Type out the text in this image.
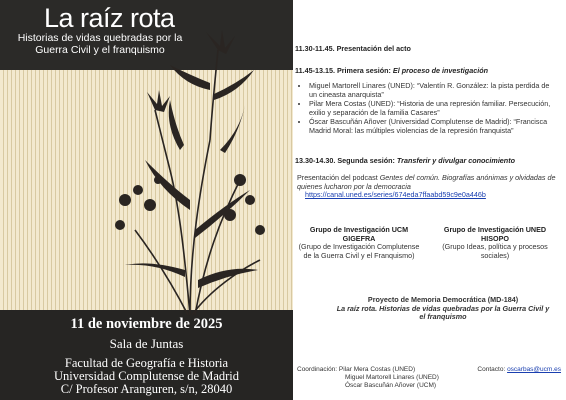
La raíz rota
Historias de vidas quebradas por la Guerra Civil y el franquismo
11 de noviembre de 2025
Sala de Juntas
Facultad de Geografía e Historia
Universidad Complutense de Madrid
C/ Profesor Aranguren, s/n, 28040
11.30-11.45. Presentación del acto
11.45-13.15. Primera sesión: El proceso de investigación
• Miguel Martorell Linares (UNED): “Valentín R. González: la pista perdida de un cineasta anarquista”
• Pilar Mera Costas (UNED): “Historia de una represión familiar. Persecución, exilio y separación de la familia Casares”
• Óscar Bascuñán Añover (Universidad Complutense de Madrid): “Francisca Madrid Moral: las múltiples violencias de la represión franquista”
13.30-14.30. Segunda sesión: Transferir y divulgar conocimiento
Presentación del podcast Gentes del común. Biografías anónimas y olvidadas de quienes lucharon por la democracia
https://canal.uned.es/series/674eda7ffaabd59c9e0a446b
Grupo de Investigación UCM GIGEFRA
(Grupo de Investigación Complutense de la Guerra Civil y el Franquismo)
Grupo de Investigación UNED HISOPO
(Grupo Ideas, política y procesos sociales)
Proyecto de Memoria Democrática (MD-184)
La raíz rota. Historias de vidas quebradas por la Guerra Civil y el franquismo
Coordinación: Pilar Mera Costas (UNED)	Contacto: oscarbas@ucm.es
Miguel Martorell Linares (UNED)
Óscar Bascuñán Añover (UCM)
